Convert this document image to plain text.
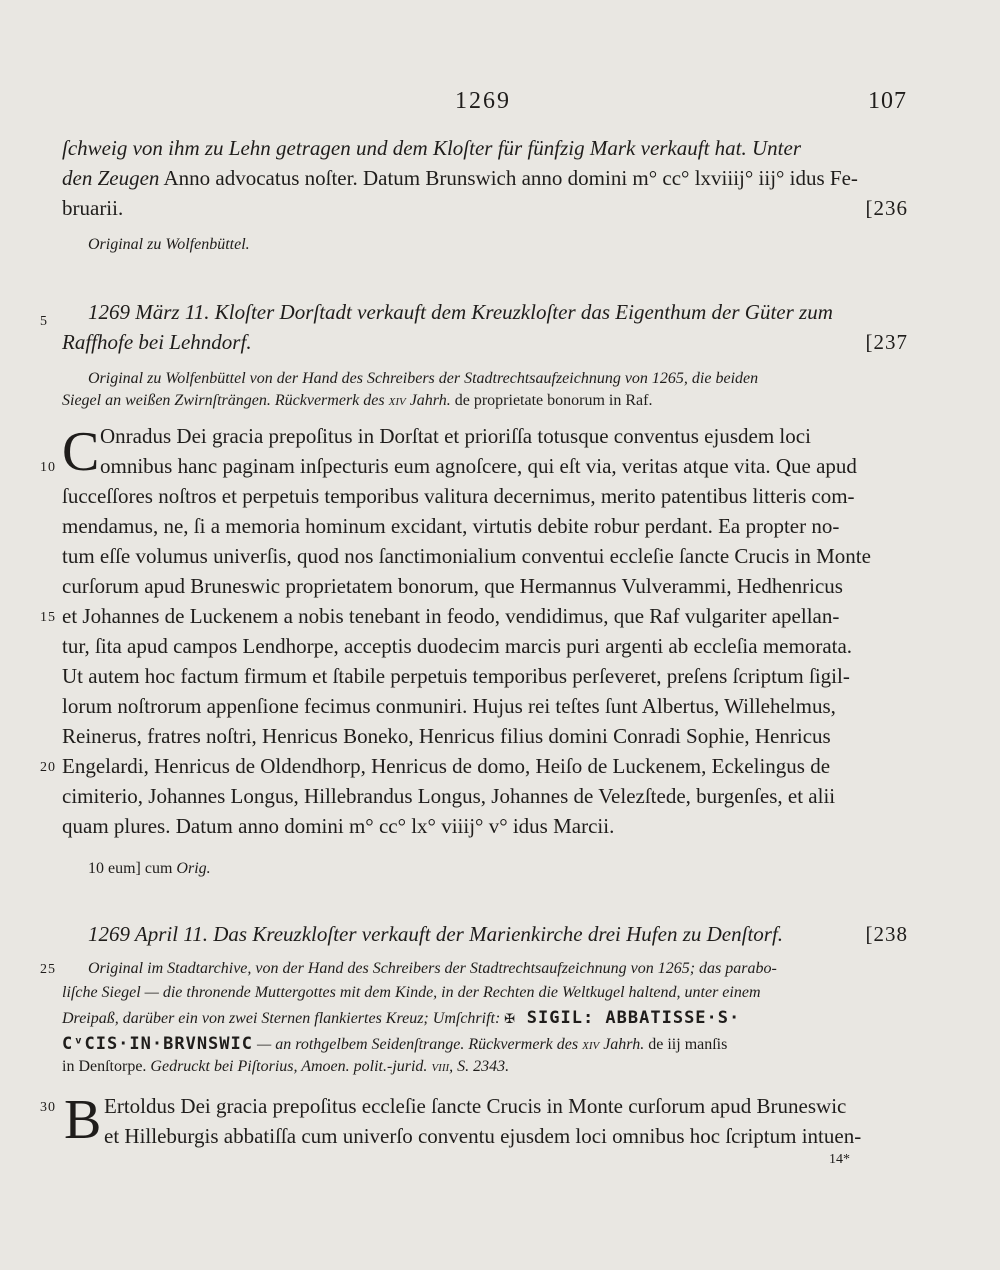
1269	107
ſchweig von ihm zu Lehn getragen und dem Kloſter für fünfzig Mark verkauft hat. Unter
den Zeugen Anno advocatus noſter. Datum Brunswich anno domini m° cc° lxviiij° iij° idus Fe-
bruarii.	[236
Original zu Wolfenbüttel.
5 1269 März 11. Kloſter Dorſtadt verkauft dem Kreuzkloſter das Eigenthum der Güter zum
Raffhofe bei Lehndorf.	[237
Original zu Wolfenbüttel von der Hand des Schreibers der Stadtrechtsaufzeichnung von 1265, die beiden
Siegel an weißen Zwirnſträngen. Rückvermerk des xiv Jahrh. de proprietate bonorum in Raf.
C
10
15
20
Onradus Dei gracia prepoſitus in Dorſtat et prioriſſa totusque conventus ejusdem loci
omnibus hanc paginam inſpecturis eum agnoſcere, qui eſt via, veritas atque vita. Que apud
ſucceſſores noſtros et perpetuis temporibus valitura decernimus, merito patentibus litteris com-
mendamus, ne, ſi a memoria hominum excidant, virtutis debite robur perdant. Ea propter no-
tum eſſe volumus univerſis, quod nos ſanctimonialium conventui eccleſie ſancte Crucis in Monte
curſorum apud Bruneswic proprietatem bonorum, que Hermannus Vulverammi, Hedhenricus
et Johannes de Luckenem a nobis tenebant in feodo, vendidimus, que Raf vulgariter apellan-
tur, ſita apud campos Lendhorpe, acceptis duodecim marcis puri argenti ab eccleſia memorata.
Ut autem hoc factum firmum et ſtabile perpetuis temporibus perſeveret, preſens ſcriptum ſigil-
lorum noſtrorum appenſione fecimus conmuniri. Hujus rei teſtes ſunt Albertus, Willehelmus,
Reinerus, fratres noſtri, Henricus Boneko, Henricus filius domini Conradi Sophie, Henricus
Engelardi, Henricus de Oldendhorp, Henricus de domo, Heiſo de Luckenem, Eckelingus de
cimiterio, Johannes Longus, Hillebrandus Longus, Johannes de Velezſtede, burgenſes, et alii
quam plures. Datum anno domini m° cc° lx° viiij° v° idus Marcii.
10 eum] cum Orig.
1269 April 11. Das Kreuzkloſter verkauft der Marienkirche drei Hufen zu Denſtorf.	[238
25 Original im Stadtarchive, von der Hand des Schreibers der Stadtrechtsaufzeichnung von 1265; das parabo-
liſche Siegel — die thronende Muttergottes mit dem Kinde, in der Rechten die Weltkugel haltend, unter einem
Dreipaß, darüber ein von zwei Sternen flankiertes Kreuz; Umſchrift: ✠ SIGIL: ABBATISSE·S·
CᵛCIS·IN·BRVNSWIC — an rothgelbem Seidenſtrange. Rückvermerk des xiv Jahrh. de iij manſis
in Denſtorpe. Gedruckt bei Piſtorius, Amoen. polit.-jurid. viii, S. 2343.
30 B Ertoldus Dei gracia prepoſitus eccleſie ſancte Crucis in Monte curſorum apud Bruneswic
et Hilleburgis abbatiſſa cum univerſo conventu ejusdem loci omnibus hoc ſcriptum intuen-
14*
